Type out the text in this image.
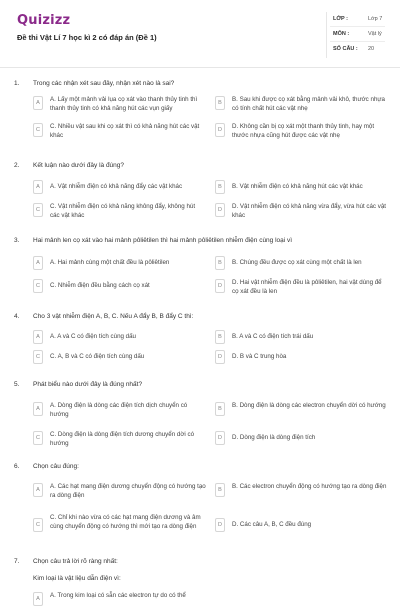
Quizizz
Đề thi Vật Lí 7 học kì 2 có đáp án (Đề 1)
LỚP :	Lớp 7
MÔN :	Vật lý
SỐ CÂU : 20
1. Trong các nhận xét sau đây, nhận xét nào là sai?
A	A. Lấy một mảnh vải lụa cọ xát vào thanh thủy tinh thì thanh thủy tinh có khả năng hút các vụn giấy
B	B. Sau khi được cọ xát bằng mảnh vải khô, thước nhựa có tính chất hút các vật nhẹ
C	C. Nhiều vật sau khi cọ xát thì có khả năng hút các vật khác
D	D. Không cần bị cọ xát một thanh thủy tinh, hay một thước nhựa cũng hút được các vật nhẹ
2. Kết luận nào dưới đây là đúng?
A	A. Vật nhiễm điện có khả năng đẩy các vật khác	B	B. Vật nhiễm điện có khả năng hút các vật khác
C	C. Vật nhiễm điện có khả năng không đẩy, không hút các vật khác
D	D. Vật nhiễm điện có khả năng vừa đẩy, vừa hút các vật khác
3. Hai mảnh len cọ xát vào hai mảnh pôliêtilen thì hai mảnh pôliêtilen nhiễm điện cùng loại vì
A	A. Hai mảnh cùng một chất đều là pôliêtilen	B	B. Chúng đều được cọ xát cùng một chất là len
C	C. Nhiễm điện đều bằng cách cọ xát	D	D. Hai vật nhiễm điện đều là pôliêtilen, hai vật dùng để cọ xát đều là len
4. Cho 3 vật nhiễm điện A, B, C. Nếu A đẩy B, B đẩy C thì:
A	A. A và C có điện tích cùng dấu	B	B. A và C có điện tích trái dấu
C	C. A, B và C có điện tích cùng dấu	D	D. B và C trung hòa
5. Phát biểu nào dưới đây là đúng nhất?
A	A. Dòng điện là dòng các điện tích dịch chuyển có hướng
B	B. Dòng điện là dòng các electron chuyển dời có hướng
C	C. Dòng điện là dòng điện tích dương chuyển dời có hướng
D	D. Dòng điện là dòng điện tích
6. Chọn câu đúng:
A	A. Các hạt mang điện dương chuyển động có hướng tạo ra dòng điện
B	B. Các electron chuyển động có hướng tạo ra dòng điện
C
C. Chỉ khi nào vừa có các hạt mang điện dương và âm cùng chuyển động có hướng thì mới tạo ra dòng điện	D	D. Các câu A, B, C đều đúng
7. Chọn câu trả lời rõ ràng nhất:
Kim loại là vật liệu dẫn điện vì:
A	A. Trong kim loại có sẵn các electron tự do có thể
